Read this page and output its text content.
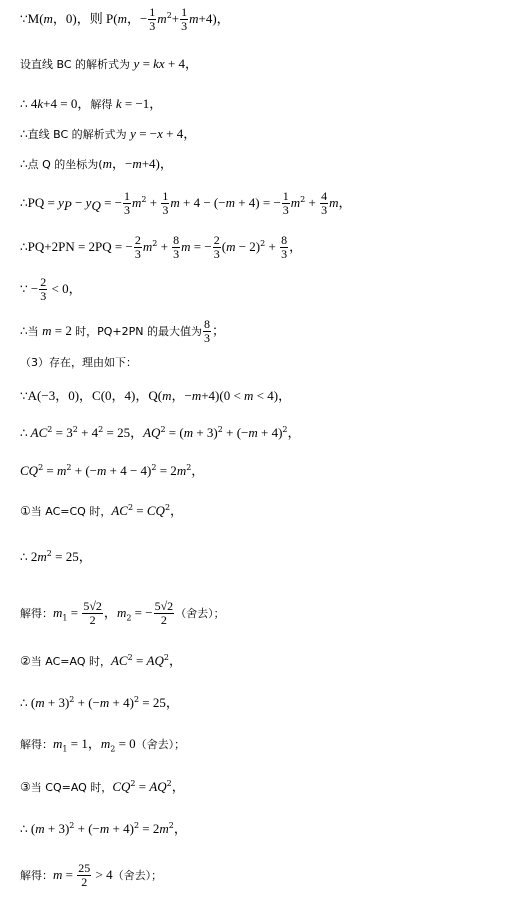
∵M(m，0)，则 P(m，− $\frac{1}{3} m^2+ \frac{1}{3} m+4$)，
设直线 BC 的解析式为 y = kx + 4，
∴ 4k+4 = 0，解得 k = −1，
∴直线 BC 的解析式为 y = −x + 4，
∴点 Q 的坐标为(m，−m+4)，
∴PQ = $y_P - y_Q$ = − $\frac{1}{3} m^2 + \frac{1}{3}$ m + 4 − (−m + 4) = − $\frac{1}{3} m^2 + \frac{4}{3}$ m，
∴PQ+2PN = 2PQ = − $\frac{2}{3} m^2 + \frac{8}{3}$ m = − $\frac{2}{3} (m - 2)^2 + \frac{8}{3}$ ，
∵ − $\frac{2}{3} < 0$，
∴当 m = 2 时，PQ+2PN 的最大值为 $\frac{8}{3}$ ；
（3）存在，理由如下：
∵A(−3，0)，C(0，4)，Q(m，−m+4)(0 < m < 4)，
∴ $AC^2 = 3^2 + 4^2 = 25$，$AQ^2 = (m + 3)^2 + (-m + 4)^2$，
$CQ^2 = m^2 + (-m + 4 - 4)^2 = 2m^2$，
①当 AC=CQ 时，$AC^2 = CQ^2$，
∴ $2m^2 = 25$，
解得：$m_1 = \frac{5√2}{2}$ ，$m_2$ = − $\frac{5√2}{2}$ （舍去）；
②当 AC=AQ 时，$AC^2 = AQ^2$，
∴ $(m + 3)^2 + (-m + 4)^2 = 25$，
解得：$m_1 = 1$，$m_2 = 0$（舍去）；
③当 CQ=AQ 时，$CQ^2 = AQ^2$，
∴ $(m + 3)^2 + (-m + 4)^2 = 2m^2$，
解得：$m = \frac{25}{2} > 4$（舍去）；
